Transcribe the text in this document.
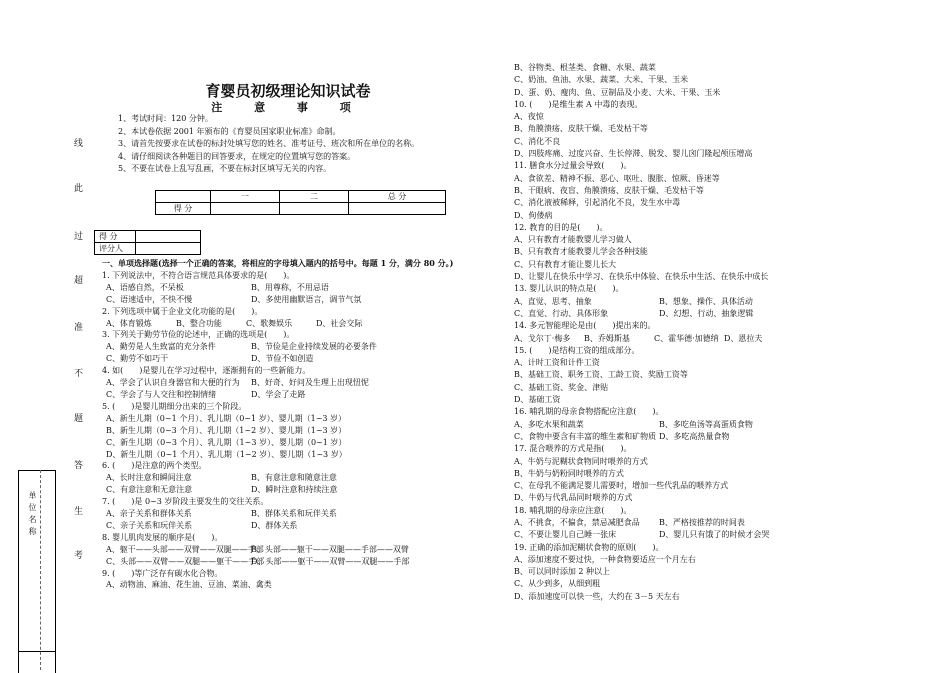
线
此
过
超
准
不
题
答
生
考
单位名称
育婴员初级理论知识试卷
注 意 事 项
1、考试时间：120 分钟。
2、本试卷依据 2001 年颁布的《育婴员国家职业标准》命制。
3、请首先按要求在试卷的标封处填写您的姓名、准考证号、班次和所在单位的名称。
4、请仔细阅读各种题目的回答要求，在规定的位置填写您的答案。
5、不要在试卷上乱写乱画，不要在标封区填写无关的内容。
	一	二	总 分
得 分			
得 分	
评分人	
一、单项选择题(选择一个正确的答案，将相应的字母填入题内的括号中。每题 1 分，满分 80 分。)
1. 下列说法中，不符合语言规范具体要求的是(　　)。
A、语感自然，不呆板	B、用尊称，不用忌语
C、语速适中，不快不慢	D、多使用幽默语言，调节气氛
2. 下列选项中属于企业文化功能的是(　　)。
A、体育锻炼	B、整合功能	C、歌舞娱乐	D、社会交际
3. 下列关于勤劳节俭的论述中，正确的选项是(　　)。
A、勤劳是人生致富的充分条件	B、节俭是企业持续发展的必要条件
C、勤劳不如巧干	D、节俭不如创造
4. 如(　　)是婴儿在学习过程中，逐渐拥有的一些新能力。
A、学会了认识自身器官和大便的行为	B、好奇、好问及生理上出现忸怩
C、学会了与人交往和控制情绪	D、学会了走路
5. (　　)是婴儿期细分出来的三个阶段。
A、新生儿期（0~1 个月）、乳儿期（0~1 岁）、婴儿期（1~3 岁）
B、新生儿期（0~3 个月）、乳儿期（1~2 岁）、婴儿期（1~3 岁）
C、新生儿期（0~3 个月）、乳儿期（1~3 岁）、婴儿期（0~1 岁）
D、新生儿期（0~1 个月）、乳儿期（1~2 岁）、婴儿期（1~3 岁）
6. (　　)是注意的两个类型。
A、长时注意和瞬间注意	B、有意注意和随意注意
C、有意注意和无意注意	D、瞬时注意和持续注意
7. (　　)是 0~3 岁阶段主要发生的交往关系。
A、亲子关系和群体关系	B、群体关系和玩伴关系
C、亲子关系和玩伴关系	D、群体关系
8. 婴儿肌肉发展的顺序是(　　)。
A、躯干——头部——双臂——双腿——手部
B、头部——躯干——双腿——手部——双臂
C、头部——双臂——双腿——躯干——手部
D、头部——躯干——双臂——双腿——手部
9. (　　)等广泛存有碳水化合物。
A、动物油、麻油、花生油、豆油、菜油、禽类
B、谷物类、根茎类、食糖、水果、蔬菜
C、奶油、鱼油、水果、蔬菜、大米、干果、玉米
D、蛋、奶、瘦肉、鱼、豆制品及小麦、大米、干果、玉米
10. (　　)是维生素 A 中毒的表现。
A、夜惊
B、角膜溃疡、皮肤干燥、毛发枯干等
C、消化不良
D、四肢疼痛、过度兴奋、生长停滞、脱发、婴儿囟门隆起颅压增高
11. 膳食水分过量会导致(　　)。
A、食欲差、精神不振、恶心、呕吐、腹胀、惊厥、昏迷等
B、干眼病、夜盲、角膜溃疡、皮肤干燥、毛发枯干等
C、消化液被稀释，引起消化不良，发生水中毒
D、佝偻病
12. 教育的目的是(　　)。
A、只有教育才能教婴儿学习做人
B、只有教育才能教婴儿学会各种技能
C、只有教育才能让婴儿长大
D、让婴儿在快乐中学习、在快乐中体验、在快乐中生活、在快乐中成长
13. 婴儿认识的特点是(　　)。
A、直觉、思考、抽象	B、想象、操作、具体活动
C、直觉、行动、具体形象	D、幻想、行动、抽象逻辑
14. 多元智能理论是由(　　)提出来的。
A、戈尔丁·梅多	B、乔姆斯基	C、霍华德·加德纳 D、恩拉夫
15. (　　)是结构工资的组成部分。
A、计时工资和计件工资
B、基础工资、职务工资、工龄工资、奖励工资等
C、基础工资、奖金、津贴
D、基础工资
16. 哺乳期的母亲食物搭配应注意(　　)。
A、多吃水果和蔬菜	B、多吃鱼汤等高蛋质食物
C、食物中要含有丰富的维生素和矿物质 D、多吃高热量食物
17. 混合喂养的方式是指(　　)。
A、牛奶与泥糊状食物同时喂养的方式
B、牛奶与奶粉同时喂养的方式
C、在母乳不能满足婴儿需要时，增加一些代乳品的喂养方式
D、牛奶与代乳品同时喂养的方式
18. 哺乳期的母亲应注意(　　)。
A、不挑食，不偏食，禁忌减肥食品	B、严格按推荐的时间表
C、不要让婴儿自己睡一张床	D、婴儿只有饿了的时候才会哭
19. 正确的添加泥糊状食物的原则(　　)。
A、添加速度不要过快，一种食物要适应一个月左右
B、可以同时添加 2 种以上
C、从少到多，从细到粗
D、添加速度可以快一些，大约在 3－5 天左右
